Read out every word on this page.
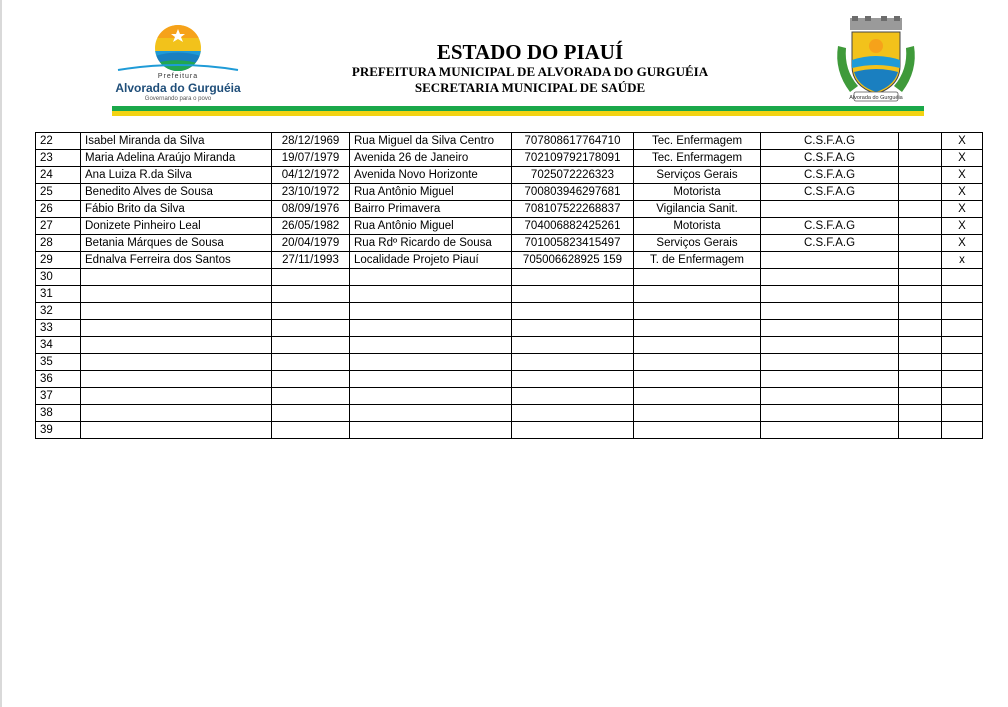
Prefeitura
Alvorada do Gurguéia
Governando para o povo
ESTADO DO PIAUÍ
PREFEITURA MUNICIPAL DE ALVORADA DO GURGUÉIA
SECRETARIA MUNICIPAL DE SAÚDE
Alvorada do Gurguéia
22	Isabel Miranda da Silva	28/12/1969	Rua Miguel da Silva Centro	707808617764710	Tec. Enfermagem	C.S.F.A.G		X
23	Maria Adelina Araújo Miranda	19/07/1979	Avenida 26 de Janeiro	702109792178091	Tec. Enfermagem	C.S.F.A.G		X
24	Ana Luiza R.da Silva	04/12/1972	Avenida Novo Horizonte	7025072226323	Serviços Gerais	C.S.F.A.G		X
25	Benedito Alves de Sousa	23/10/1972	Rua Antônio Miguel	700803946297681	Motorista	C.S.F.A.G		X
26	Fábio Brito da Silva	08/09/1976	Bairro Primavera	708107522268837	Vigilancia Sanit.			X
27	Donizete Pinheiro Leal	26/05/1982	Rua Antônio Miguel	704006882425261	Motorista	C.S.F.A.G		X
28	Betania Márques de Sousa	20/04/1979	Rua Rdº Ricardo de Sousa	701005823415497	Serviços Gerais	C.S.F.A.G		X
29	Ednalva Ferreira dos Santos	27/11/1993	Localidade Projeto Piauí	705006628925 159	T. de Enfermagem			x
30								
31								
32								
33								
34								
35								
36								
37								
38								
39								
